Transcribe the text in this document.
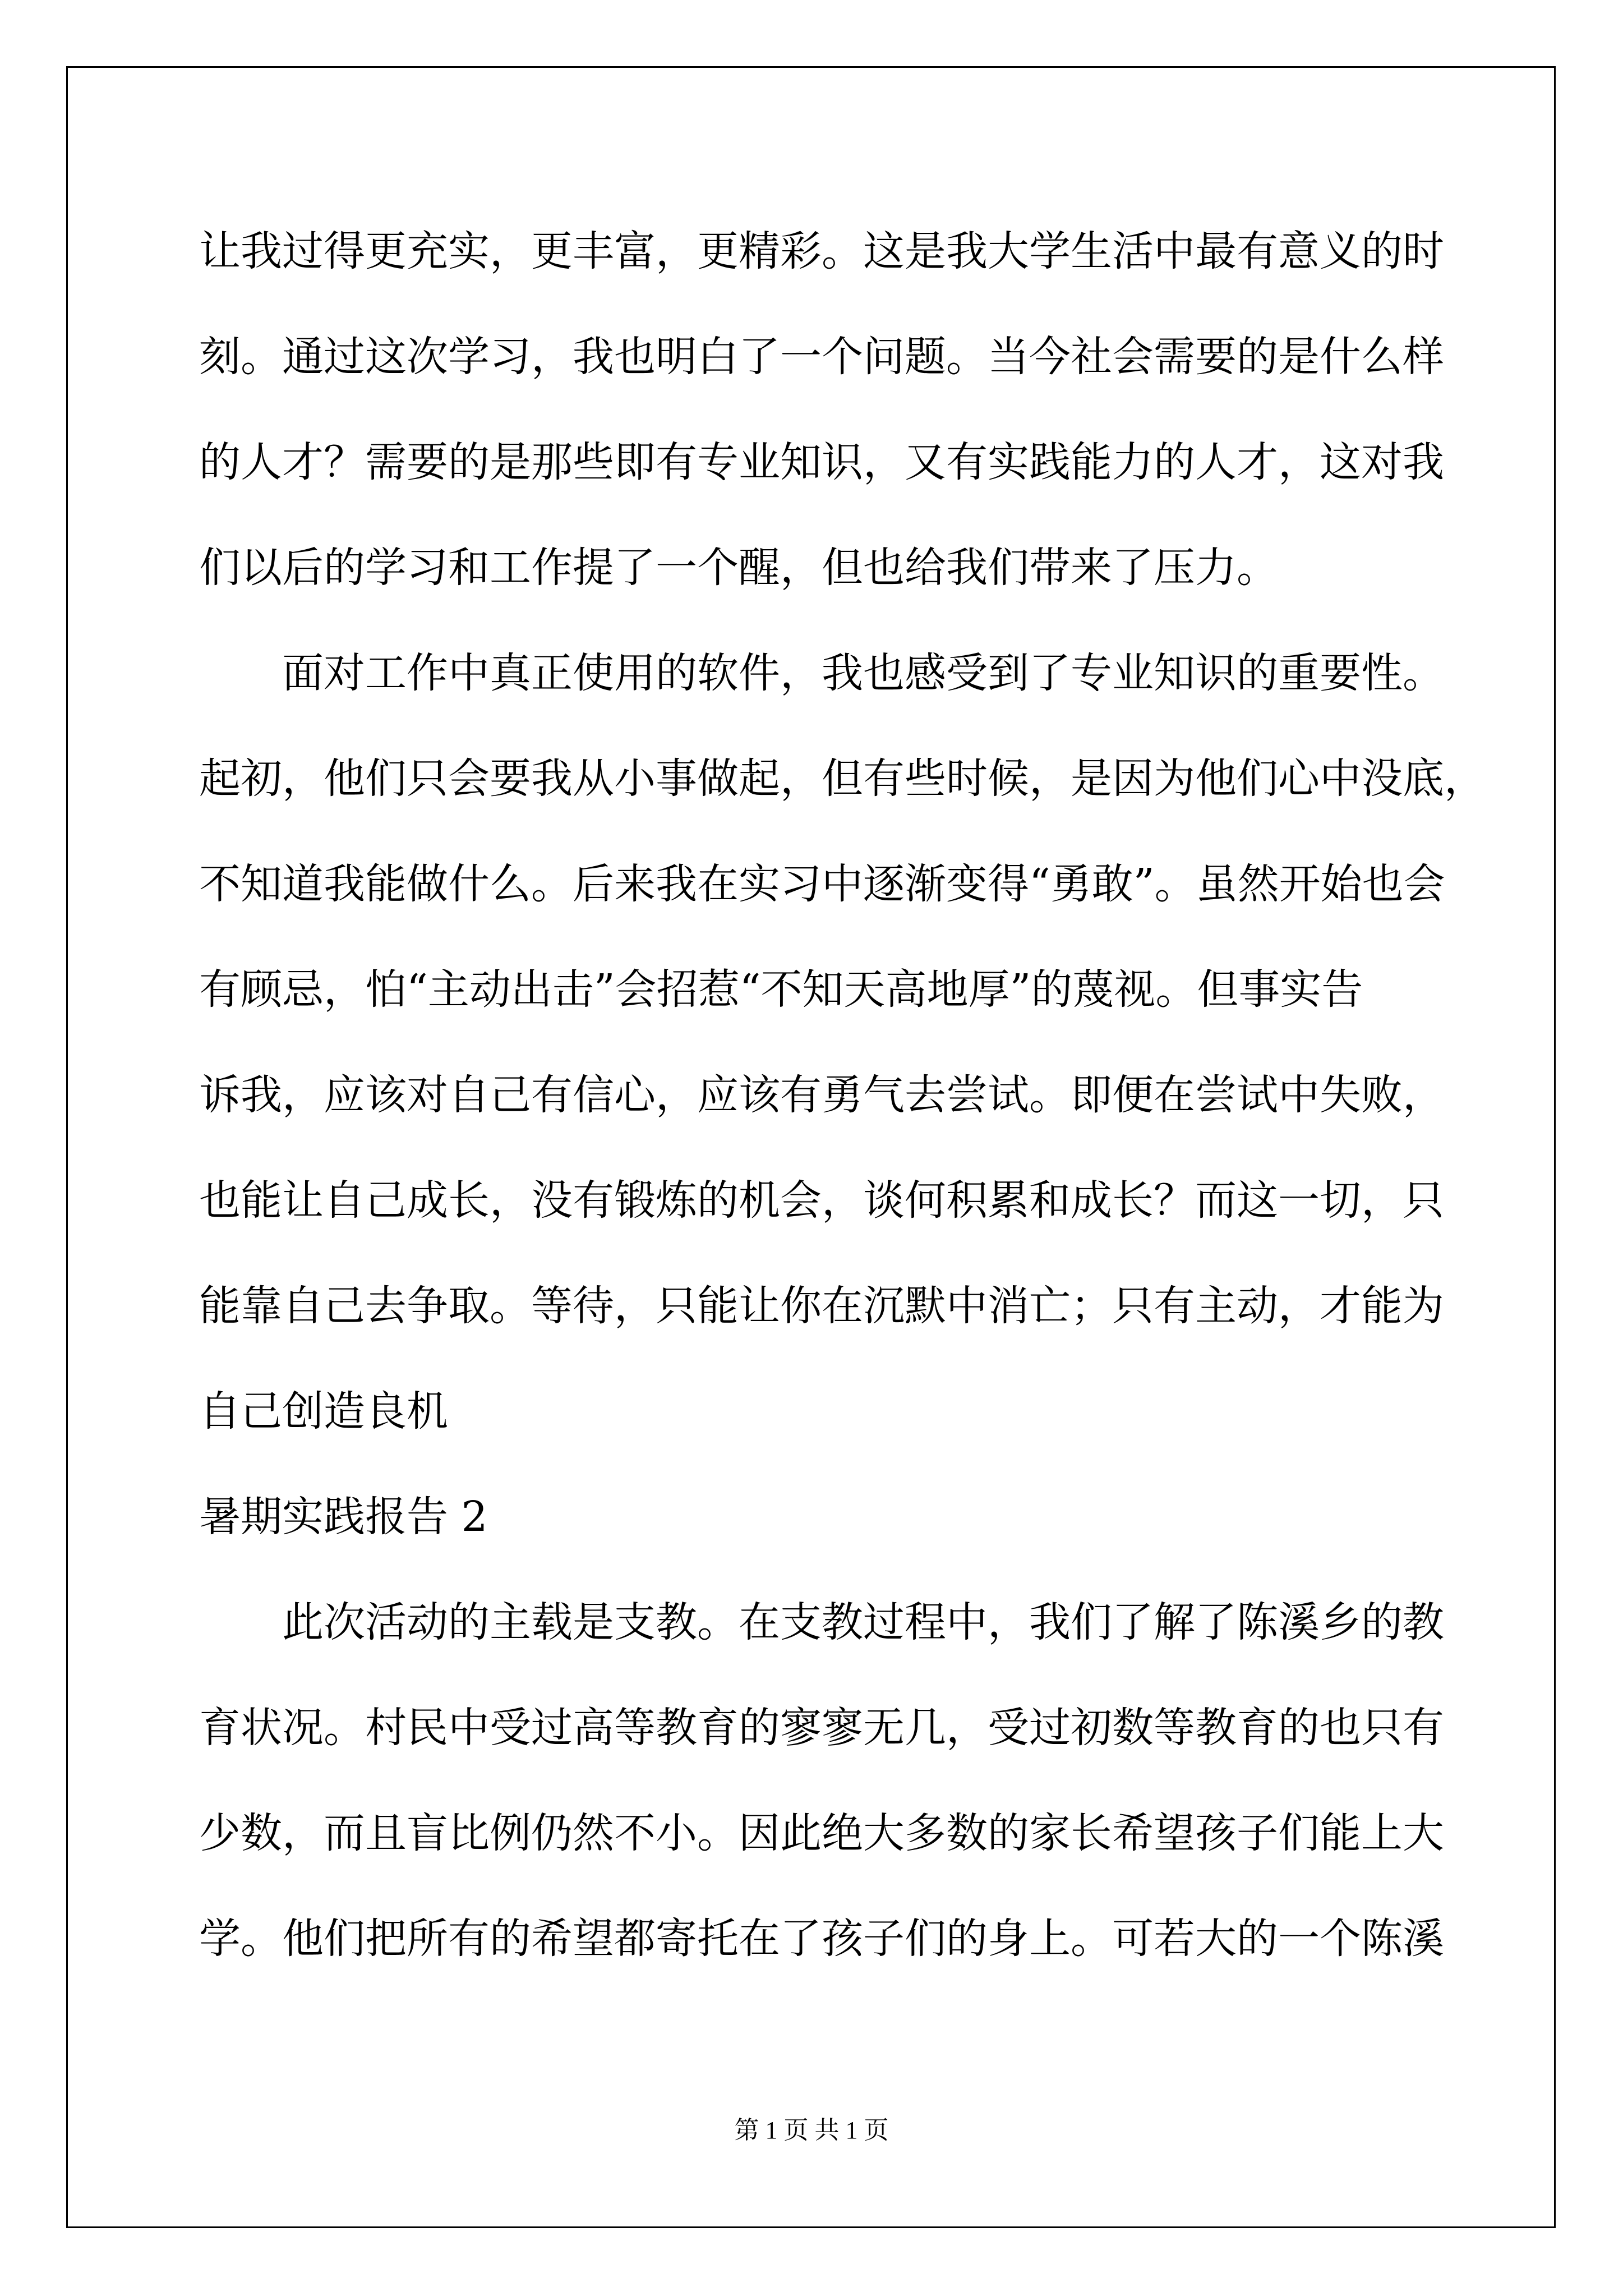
让我过得更充实，更丰富，更精彩。这是我大学生活中最有意义的时
刻。通过这次学习，我也明白了一个问题。当今社会需要的是什么样
的人才？需要的是那些即有专业知识，又有实践能力的人才，这对我
们以后的学习和工作提了一个醒，但也给我们带来了压力。
面对工作中真正使用的软件，我也感受到了专业知识的重要性。
起初，他们只会要我从小事做起，但有些时候，是因为他们心中没底，
不知道我能做什么。后来我在实习中逐渐变得“勇敢”。虽然开始也会
有顾忌，怕“主动出击”会招惹“不知天高地厚”的蔑视。但事实告
诉我，应该对自己有信心，应该有勇气去尝试。即便在尝试中失败，
也能让自己成长，没有锻炼的机会，谈何积累和成长？而这一切，只
能靠自己去争取。等待，只能让你在沉默中消亡；只有主动，才能为
自己创造良机
暑期实践报告 2
此次活动的主载是支教。在支教过程中，我们了解了陈溪乡的教
育状况。村民中受过高等教育的寥寥无几，受过初数等教育的也只有
少数，而且盲比例仍然不小。因此绝大多数的家长希望孩子们能上大
学。他们把所有的希望都寄托在了孩子们的身上。可若大的一个陈溪
第 1 页 共 1 页
